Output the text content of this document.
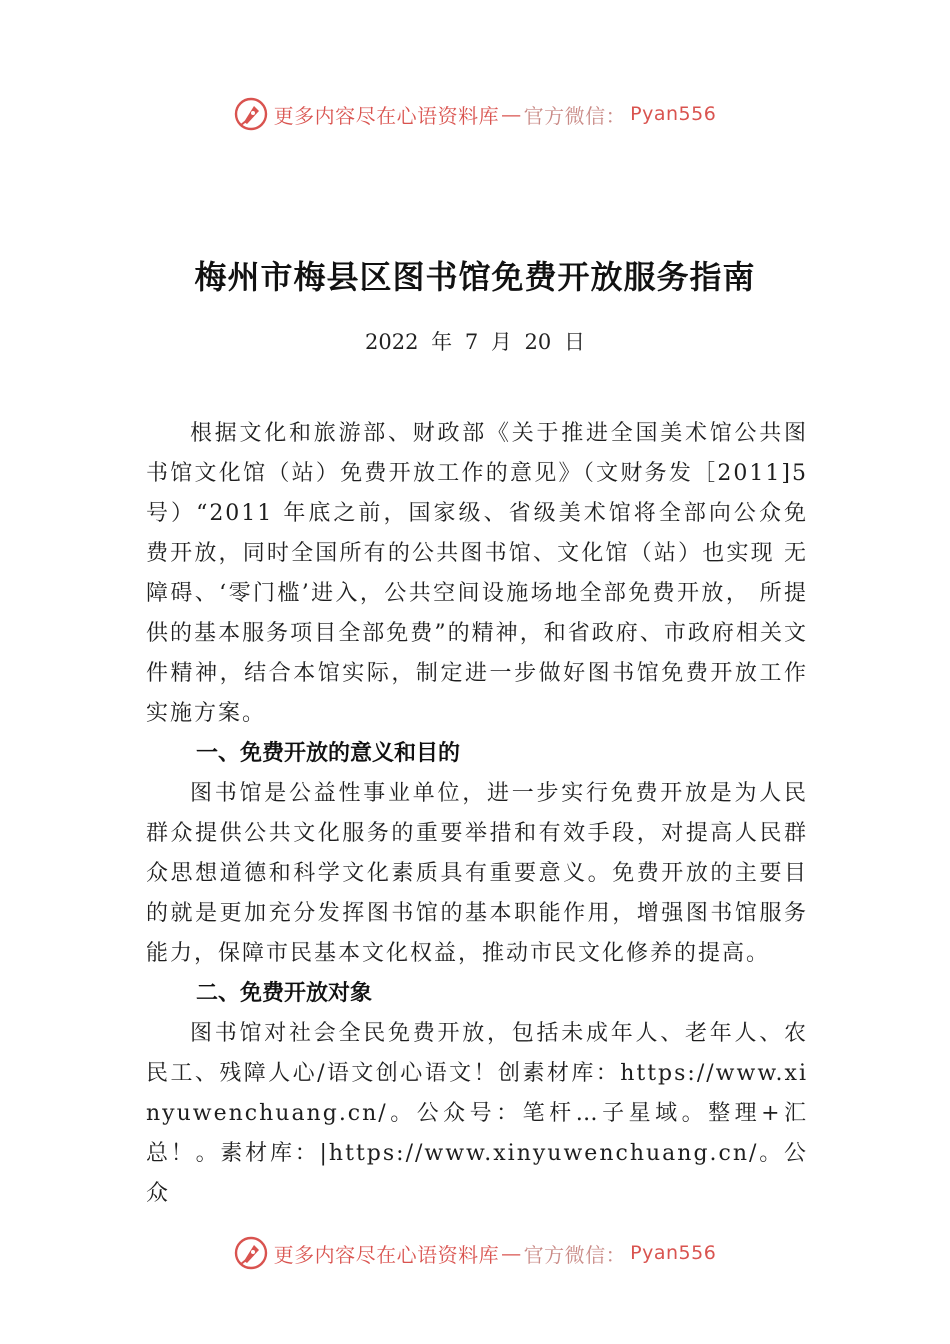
更多内容尽在心语资料库 — 官方微信： Pyan556
梅州市梅县区图书馆免费开放服务指南
2022 年 7 月 20 日

根据文化和旅游部、财政部《关于推进全国美术馆公共图书馆文化馆（站）免费开放工作的意见》（文财务发［2011]5 号）“2011 年底之前，国家级、省级美术馆将全部向公众免费开放，同时全国所有的公共图书馆、文化馆（站）也实现 无障碍、‘零门槛’进入，公共空间设施场地全部免费开放， 所提供的基本服务项目全部免费”的精神，和省政府、市政府相关文件精神，结合本馆实际，制定进一步做好图书馆免费开放工作实施方案。

一、免费开放的意义和目的

图书馆是公益性事业单位，进一步实行免费开放是为人民群众提供公共文化服务的重要举措和有效手段，对提高人民群众思想道德和科学文化素质具有重要意义。免费开放的主要目的就是更加充分发挥图书馆的基本职能作用，增强图书馆服务能力，保障市民基本文化权益，推动市民文化修养的提高。

二、免费开放对象

图书馆对社会全民免费开放，包括未成年人、老年人、农民工、残障人心/语文创心语文！创素材库：https://www.xinyuwenchuang.cn/。公众号：笔杆…子星域。整理+汇总！。素材库：|https://www.xinyuwenchuang.cn/。公众

更多内容尽在心语资料库 — 官方微信： Pyan556
